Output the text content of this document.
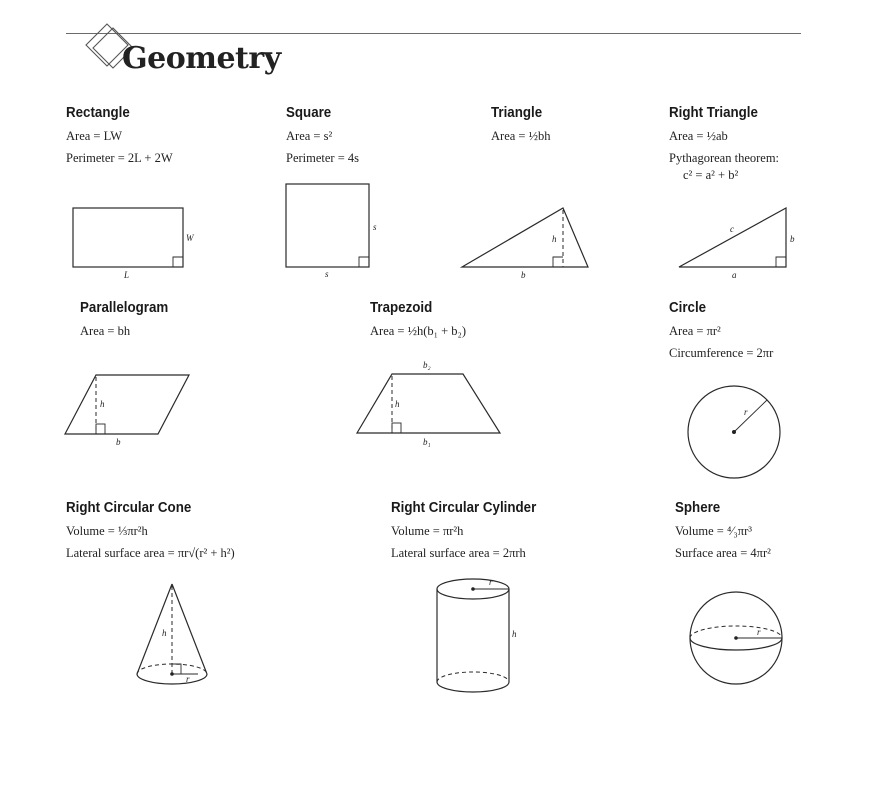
Geometry
Rectangle
Area = LW
Perimeter = 2L + 2W
W
L
Square
Area = s²
Perimeter = 4s
s
s
Triangle
Area = ½bh
h
b
Right Triangle
Area = ½ab
Pythagorean theorem:
c² = a² + b²
c
b
a
Parallelogram
Area = bh
h
b
Trapezoid
Area = ½h(b₁ + b₂)
b₂
h
b₁
Circle
Area = πr²
Circumference = 2πr
r
Right Circular Cone
Volume = ⅓πr²h
Lateral surface area = πr√(r² + h²)
h
r
Right Circular Cylinder
Volume = πr²h
Lateral surface area = 2πrh
r
h
Sphere
Volume = ⁴⁄₃πr³
Surface area = 4πr²
r
